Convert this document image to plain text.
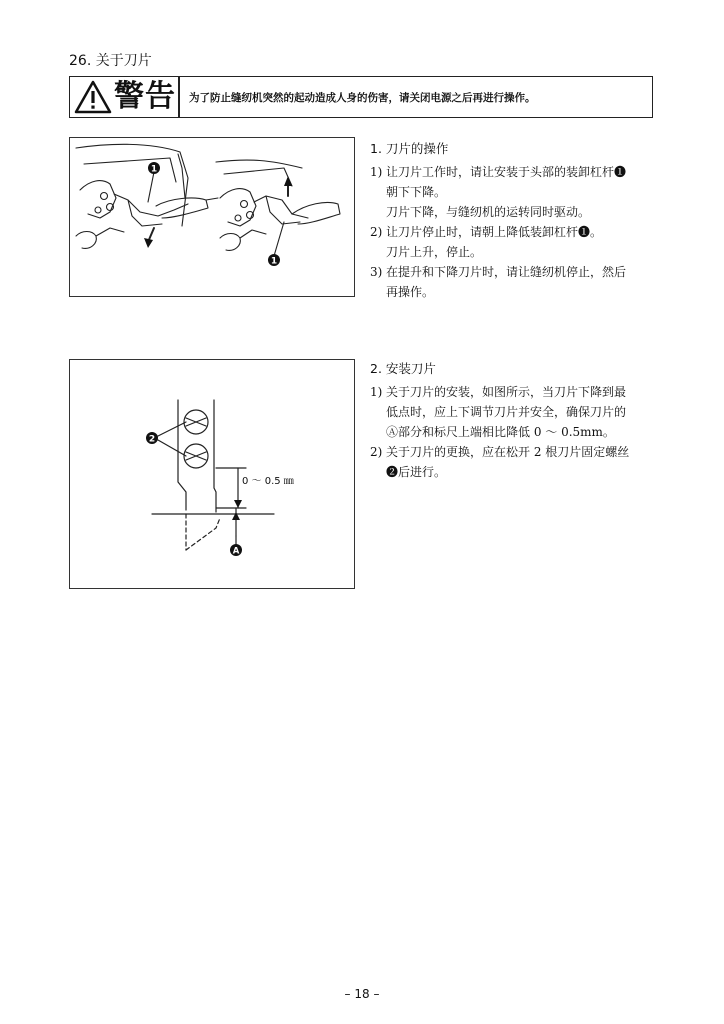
26. 关于刀片
警告 为了防止缝纫机突然的起动造成人身的伤害，请关闭电源之后再进行操作。
1
1
1. 刀片的操作
1) 让刀片工作时，请让安装于头部的装卸杠杆❶
朝下下降。
刀片下降，与缝纫机的运转同时驱动。
2) 让刀片停止时，请朝上降低装卸杠杆❶。
刀片上升，停止。
3) 在提升和下降刀片时，请让缝纫机停止，然后
再操作。
0 ～ 0.5 ㎜
2
A
2. 安装刀片
1) 关于刀片的安装，如图所示，当刀片下降到最
低点时，应上下调节刀片并安全，确保刀片的
Ⓐ部分和标尺上端相比降低 0 ～ 0.5mm。
2) 关于刀片的更换，应在松开 2 根刀片固定螺丝
❷后进行。
– 18 –
